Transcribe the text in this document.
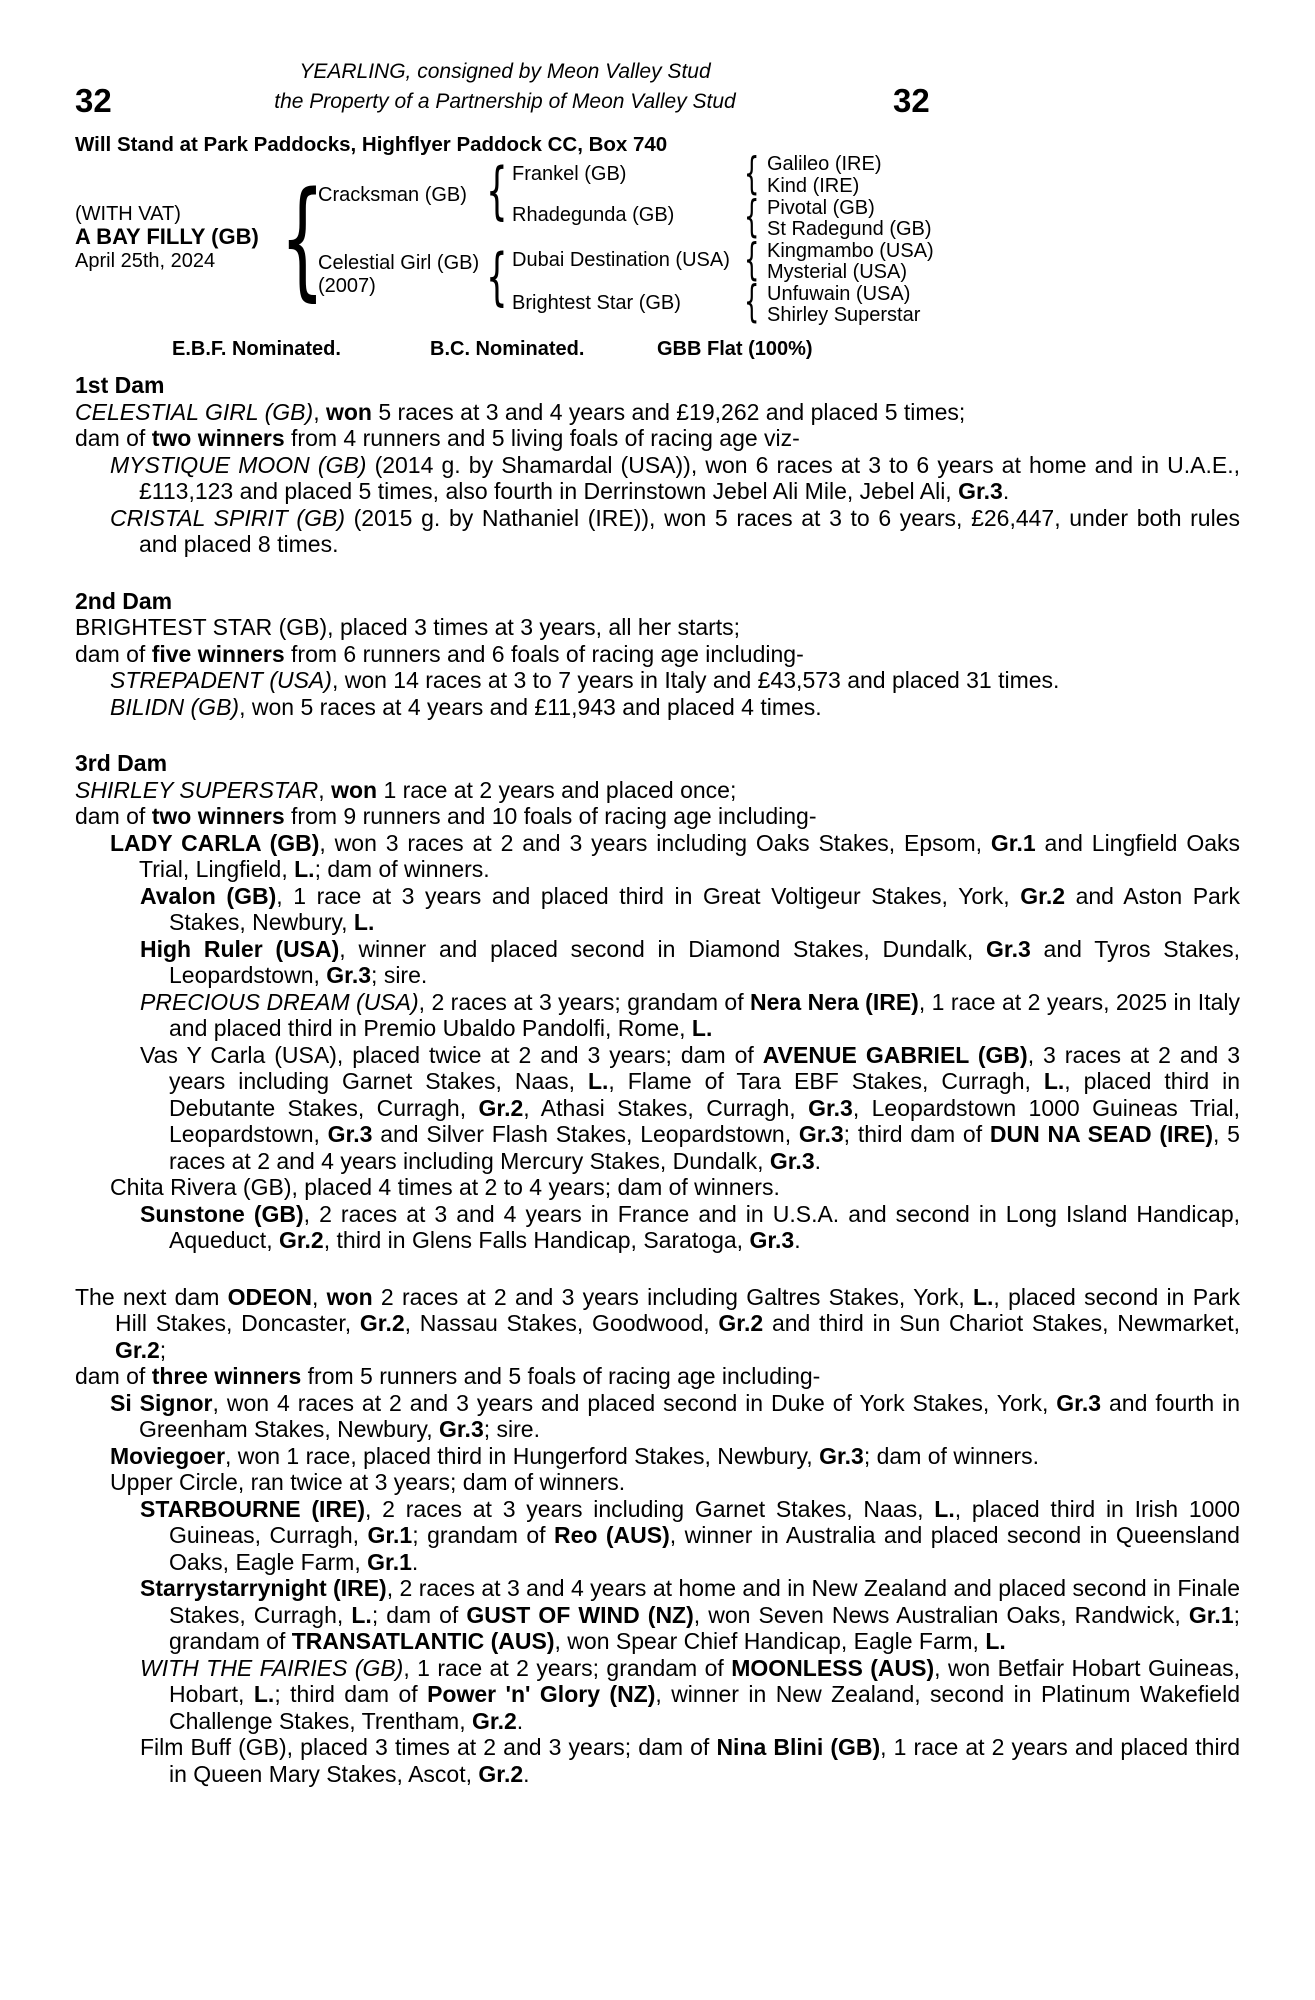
YEARLING, consigned by Meon Valley Stud
32	the Property of a Partnership of Meon Valley Stud	32
Will Stand at Park Paddocks, Highflyer Paddock CC, Box 740
(WITH VAT)
A BAY FILLY (GB)
April 25th, 2024
{
{
{
{
{
{
{
Cracksman (GB)
Celestial Girl (GB)
(2007)
Frankel (GB)
Rhadegunda (GB)
Dubai Destination (USA)
Brightest Star (GB)
Galileo (IRE)
Kind (IRE)
Pivotal (GB)
St Radegund (GB)
Kingmambo (USA)
Mysterial (USA)
Unfuwain (USA)
Shirley Superstar
E.B.F. Nominated.	B.C. Nominated.	GBB Flat (100%)
1st Dam

CELESTIAL GIRL (GB), won 5 races at 3 and 4 years and £19,262 and placed 5 times;

dam of two winners from 4 runners and 5 living foals of racing age viz-

MYSTIQUE MOON (GB) (2014 g. by Shamardal (USA)), won 6 races at 3 to 6 years at home and in U.A.E., £113,123 and placed 5 times, also fourth in Derrinstown Jebel Ali Mile, Jebel Ali, Gr.3.

CRISTAL SPIRIT (GB) (2015 g. by Nathaniel (IRE)), won 5 races at 3 to 6 years, £26,447, under both rules and placed 8 times.

2nd Dam

BRIGHTEST STAR (GB), placed 3 times at 3 years, all her starts;

dam of five winners from 6 runners and 6 foals of racing age including-

STREPADENT (USA), won 14 races at 3 to 7 years in Italy and £43,573 and placed 31 times.

BILIDN (GB), won 5 races at 4 years and £11,943 and placed 4 times.

3rd Dam

SHIRLEY SUPERSTAR, won 1 race at 2 years and placed once;

dam of two winners from 9 runners and 10 foals of racing age including-

LADY CARLA (GB), won 3 races at 2 and 3 years including Oaks Stakes, Epsom, Gr.1 and Lingfield Oaks Trial, Lingfield, L.; dam of winners.

Avalon (GB), 1 race at 3 years and placed third in Great Voltigeur Stakes, York, Gr.2 and Aston Park Stakes, Newbury, L.

High Ruler (USA), winner and placed second in Diamond Stakes, Dundalk, Gr.3 and Tyros Stakes, Leopardstown, Gr.3; sire.

PRECIOUS DREAM (USA), 2 races at 3 years; grandam of Nera Nera (IRE), 1 race at 2 years, 2025 in Italy and placed third in Premio Ubaldo Pandolfi, Rome, L.

Vas Y Carla (USA), placed twice at 2 and 3 years; dam of AVENUE GABRIEL (GB), 3 races at 2 and 3 years including Garnet Stakes, Naas, L., Flame of Tara EBF Stakes, Curragh, L., placed third in Debutante Stakes, Curragh, Gr.2, Athasi Stakes, Curragh, Gr.3, Leopardstown 1000 Guineas Trial, Leopardstown, Gr.3 and Silver Flash Stakes, Leopardstown, Gr.3; third dam of DUN NA SEAD (IRE), 5 races at 2 and 4 years including Mercury Stakes, Dundalk, Gr.3.

Chita Rivera (GB), placed 4 times at 2 to 4 years; dam of winners.

Sunstone (GB), 2 races at 3 and 4 years in France and in U.S.A. and second in Long Island Handicap, Aqueduct, Gr.2, third in Glens Falls Handicap, Saratoga, Gr.3.

The next dam ODEON, won 2 races at 2 and 3 years including Galtres Stakes, York, L., placed second in Park Hill Stakes, Doncaster, Gr.2, Nassau Stakes, Goodwood, Gr.2 and third in Sun Chariot Stakes, Newmarket, Gr.2;

dam of three winners from 5 runners and 5 foals of racing age including-

Si Signor, won 4 races at 2 and 3 years and placed second in Duke of York Stakes, York, Gr.3 and fourth in Greenham Stakes, Newbury, Gr.3; sire.

Moviegoer, won 1 race, placed third in Hungerford Stakes, Newbury, Gr.3; dam of winners.

Upper Circle, ran twice at 3 years; dam of winners.

STARBOURNE (IRE), 2 races at 3 years including Garnet Stakes, Naas, L., placed third in Irish 1000 Guineas, Curragh, Gr.1; grandam of Reo (AUS), winner in Australia and placed second in Queensland Oaks, Eagle Farm, Gr.1.

Starrystarrynight (IRE), 2 races at 3 and 4 years at home and in New Zealand and placed second in Finale Stakes, Curragh, L.; dam of GUST OF WIND (NZ), won Seven News Australian Oaks, Randwick, Gr.1; grandam of TRANSATLANTIC (AUS), won Spear Chief Handicap, Eagle Farm, L.

WITH THE FAIRIES (GB), 1 race at 2 years; grandam of MOONLESS (AUS), won Betfair Hobart Guineas, Hobart, L.; third dam of Power 'n' Glory (NZ), winner in New Zealand, second in Platinum Wakefield Challenge Stakes, Trentham, Gr.2.

Film Buff (GB), placed 3 times at 2 and 3 years; dam of Nina Blini (GB), 1 race at 2 years and placed third in Queen Mary Stakes, Ascot, Gr.2.
